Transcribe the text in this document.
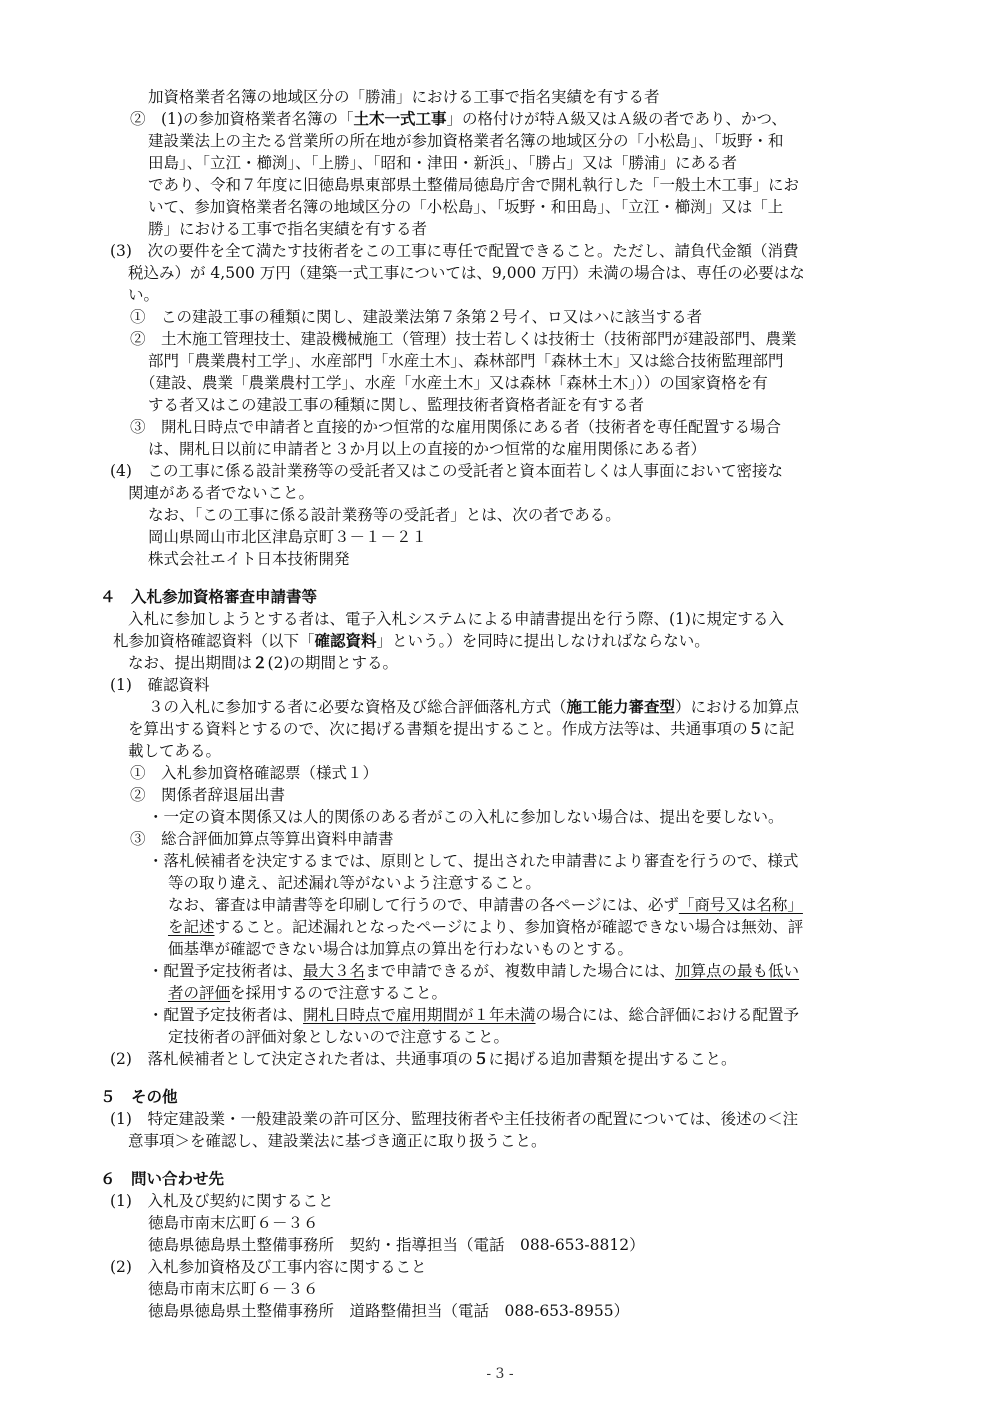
加資格業者名簿の地域区分の「勝浦」における工事で指名実績を有する者
②　(1)の参加資格業者名簿の「土木一式工事」の格付けが特Ａ級又はＡ級の者であり、かつ、
建設業法上の主たる営業所の所在地が参加資格業者名簿の地域区分の「小松島」、「坂野・和
田島」、「立江・櫛渕」、「上勝」、「昭和・津田・新浜」、「勝占」又は「勝浦」にある者
であり、令和７年度に旧徳島県東部県土整備局徳島庁舎で開札執行した「一般土木工事」にお
いて、参加資格業者名簿の地域区分の「小松島」、「坂野・和田島」、「立江・櫛渕」又は「上
勝」における工事で指名実績を有する者
(3)　次の要件を全て満たす技術者をこの工事に専任で配置できること。ただし、請負代金額（消費
税込み）が 4,500 万円（建築一式工事については、9,000 万円）未満の場合は、専任の必要はな
い。
①　この建設工事の種類に関し、建設業法第７条第２号イ、ロ又はハに該当する者
②　土木施工管理技士、建設機械施工（管理）技士若しくは技術士（技術部門が建設部門、農業
部門「農業農村工学」、水産部門「水産土木」、森林部門「森林土木」又は総合技術監理部門
（建設、農業「農業農村工学」、水産「水産土木」又は森林「森林土木」））の国家資格を有
する者又はこの建設工事の種類に関し、監理技術者資格者証を有する者
③　開札日時点で申請者と直接的かつ恒常的な雇用関係にある者（技術者を専任配置する場合
は、開札日以前に申請者と３か月以上の直接的かつ恒常的な雇用関係にある者）
(4)　この工事に係る設計業務等の受託者又はこの受託者と資本面若しくは人事面において密接な
関連がある者でないこと。
なお、「この工事に係る設計業務等の受託者」とは、次の者である。
岡山県岡山市北区津島京町３－１－２１
株式会社エイト日本技術開発
４　入札参加資格審査申請書等
入札に参加しようとする者は、電子入札システムによる申請書提出を行う際、(1)に規定する入
札参加資格確認資料（以下「確認資料」という。）を同時に提出しなければならない。
なお、提出期間は２(2)の期間とする。
(1)　確認資料
３の入札に参加する者に必要な資格及び総合評価落札方式（施工能力審査型）における加算点
を算出する資料とするので、次に掲げる書類を提出すること。作成方法等は、共通事項の５に記
載してある。
①　入札参加資格確認票（様式１）
②　関係者辞退届出書
・一定の資本関係又は人的関係のある者がこの入札に参加しない場合は、提出を要しない。
③　総合評価加算点等算出資料申請書
・落札候補者を決定するまでは、原則として、提出された申請書により審査を行うので、様式
等の取り違え、記述漏れ等がないよう注意すること。
なお、審査は申請書等を印刷して行うので、申請書の各ページには、必ず「商号又は名称」
を記述すること。記述漏れとなったページにより、参加資格が確認できない場合は無効、評
価基準が確認できない場合は加算点の算出を行わないものとする。
・配置予定技術者は、最大３名まで申請できるが、複数申請した場合には、加算点の最も低い
者の評価を採用するので注意すること。
・配置予定技術者は、開札日時点で雇用期間が１年未満の場合には、総合評価における配置予
定技術者の評価対象としないので注意すること。
(2)　落札候補者として決定された者は、共通事項の５に掲げる追加書類を提出すること。
５　その他
(1)　特定建設業・一般建設業の許可区分、監理技術者や主任技術者の配置については、後述の＜注
意事項＞を確認し、建設業法に基づき適正に取り扱うこと。
６　問い合わせ先
(1)　入札及び契約に関すること
徳島市南末広町６－３６
徳島県徳島県土整備事務所　契約・指導担当（電話　088-653-8812）
(2)　入札参加資格及び工事内容に関すること
徳島市南末広町６－３６
徳島県徳島県土整備事務所　道路整備担当（電話　088-653-8955）
- 3 -
